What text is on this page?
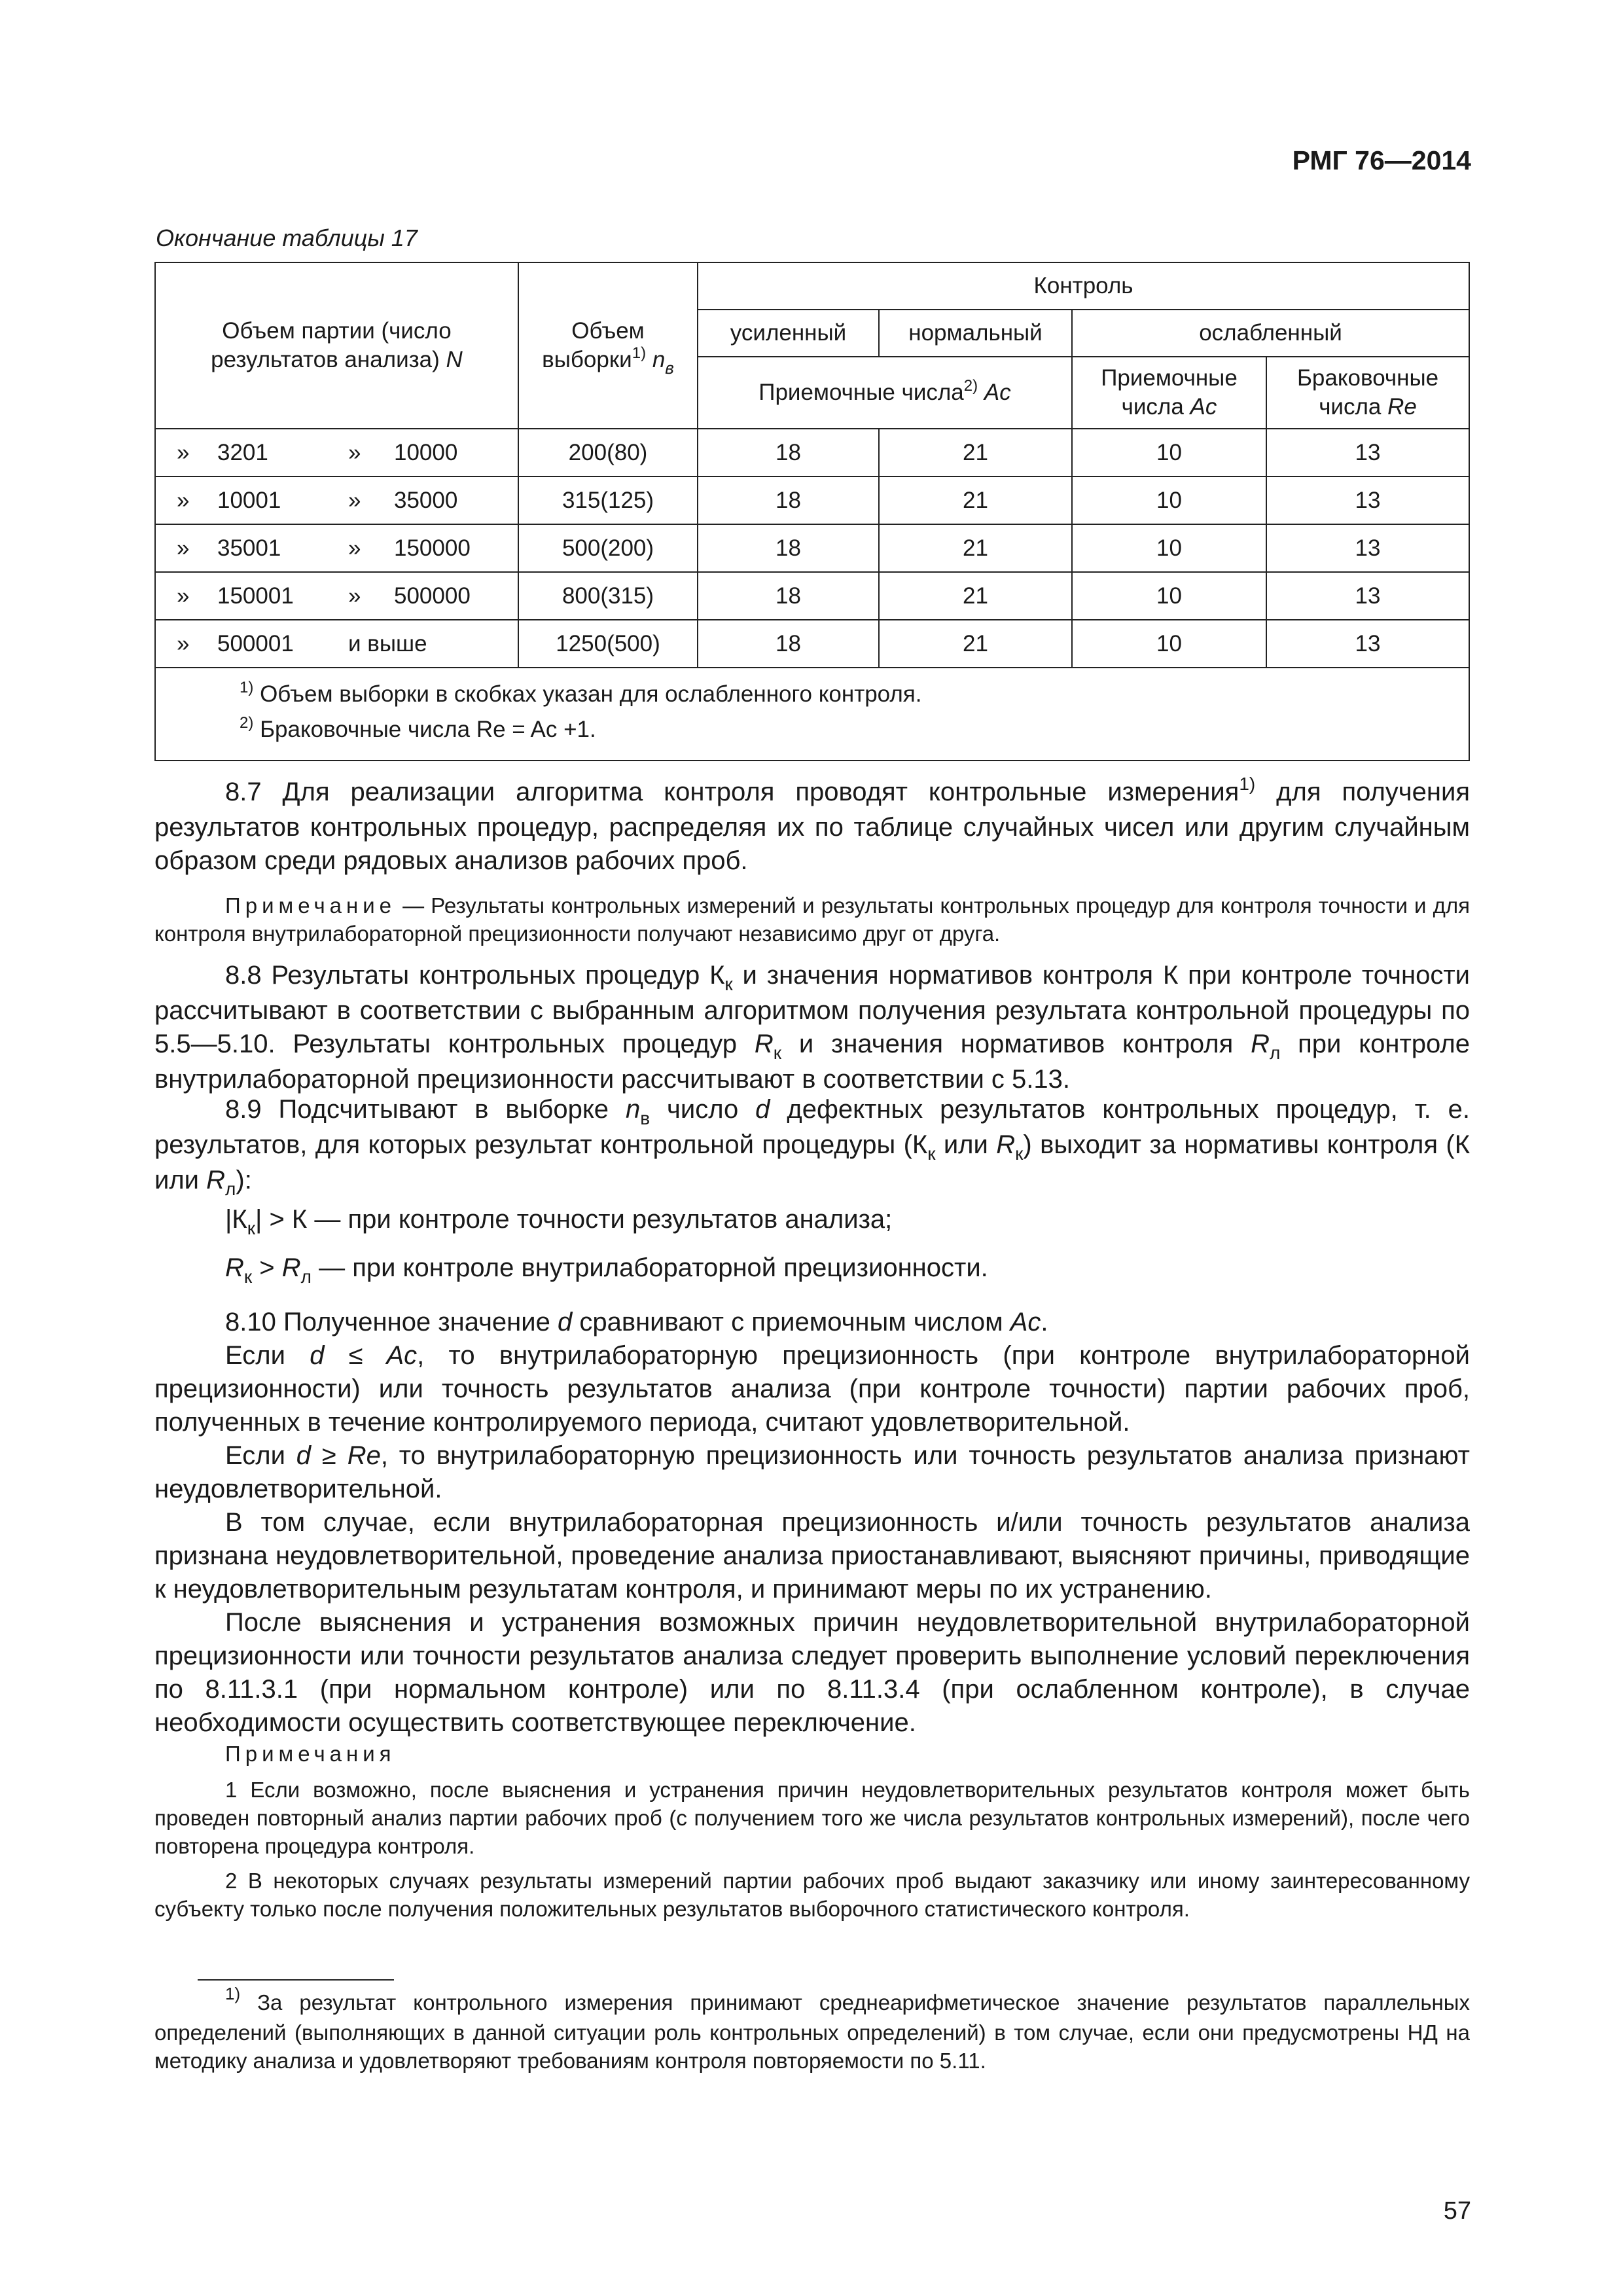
РМГ 76—2014
Окончание таблицы 17
Объем партии (число результатов анализа) N	Объем выборки$^{1)}$ $n_в$	Контроль			
		усиленный	нормальный	ослабленный	
		Приемочные числа$^{2)}$ Ac		Приемочные числа Ac	Браковочные числа Re

» 3201 » 10000	200(80)	18	21	10	13

» 10001 » 35000	315(125)	18	21	10	13

» 35001 » 150000	500(200)	18	21	10	13

» 150001 » 500000	800(315)	18	21	10	13

» 500001 и выше	1250(500)	18	21	10	13

$^{1)}$ Объем выборки в скобках указан для ослабленного контроля.
$^{2)}$ Браковочные числа Re = Ac +1.					

8.7 Для реализации алгоритма контроля проводят контрольные измерения$^{1)}$ для получения результатов контрольных процедур, распределяя их по таблице случайных чисел или другим случайным образом среди рядовых анализов рабочих проб.

Примечание — Результаты контрольных измерений и результаты контрольных процедур для контроля точности и для контроля внутрилабораторной прецизионности получают независимо друг от друга.

8.8 Результаты контрольных процедур $К_к$ и значения нормативов контроля К при контроле точности рассчитывают в соответствии с выбранным алгоритмом получения результата контрольной процедуры по 5.5—5.10. Результаты контрольных процедур $R_к$ и значения нормативов контроля $R_л$ при контроле внутрилабораторной прецизионности рассчитывают в соответствии с 5.13.

8.9 Подсчитывают в выборке $n_в$ число d дефектных результатов контрольных процедур, т. е. результатов, для которых результат контрольной процедуры ($К_к$ или $R_к$) выходит за нормативы контроля (К или $R_л$):

$|К_к| > К$ — при контроле точности результатов анализа;

$R_к > R_л$ — при контроле внутрилабораторной прецизионности.

8.10 Полученное значение d сравнивают с приемочным числом Ac.

Если d ≤ Ac, то внутрилабораторную прецизионность (при контроле внутрилабораторной прецизионности) или точность результатов анализа (при контроле точности) партии рабочих проб, полученных в течение контролируемого периода, считают удовлетворительной.

Если d ≥ Re, то внутрилабораторную прецизионность или точность результатов анализа признают неудовлетворительной.

В том случае, если внутрилабораторная прецизионность и/или точность результатов анализа признана неудовлетворительной, проведение анализа приостанавливают, выясняют причины, приводящие к неудовлетворительным результатам контроля, и принимают меры по их устранению.

После выяснения и устранения возможных причин неудовлетворительной внутрилабораторной прецизионности или точности результатов анализа следует проверить выполнение условий переключения по 8.11.3.1 (при нормальном контроле) или по 8.11.3.4 (при ослабленном контроле), в случае необходимости осуществить соответствующее переключение.

Примечания

1 Если возможно, после выяснения и устранения причин неудовлетворительных результатов контроля может быть проведен повторный анализ партии рабочих проб (с получением того же числа результатов контрольных измерений), после чего повторена процедура контроля.

2 В некоторых случаях результаты измерений партии рабочих проб выдают заказчику или иному заинтересованному субъекту только после получения положительных результатов выборочного статистического контроля.

$^{1)}$ За результат контрольного измерения принимают среднеарифметическое значение результатов параллельных определений (выполняющих в данной ситуации роль контрольных определений) в том случае, если они предусмотрены НД на методику анализа и удовлетворяют требованиям контроля повторяемости по 5.11.

57
